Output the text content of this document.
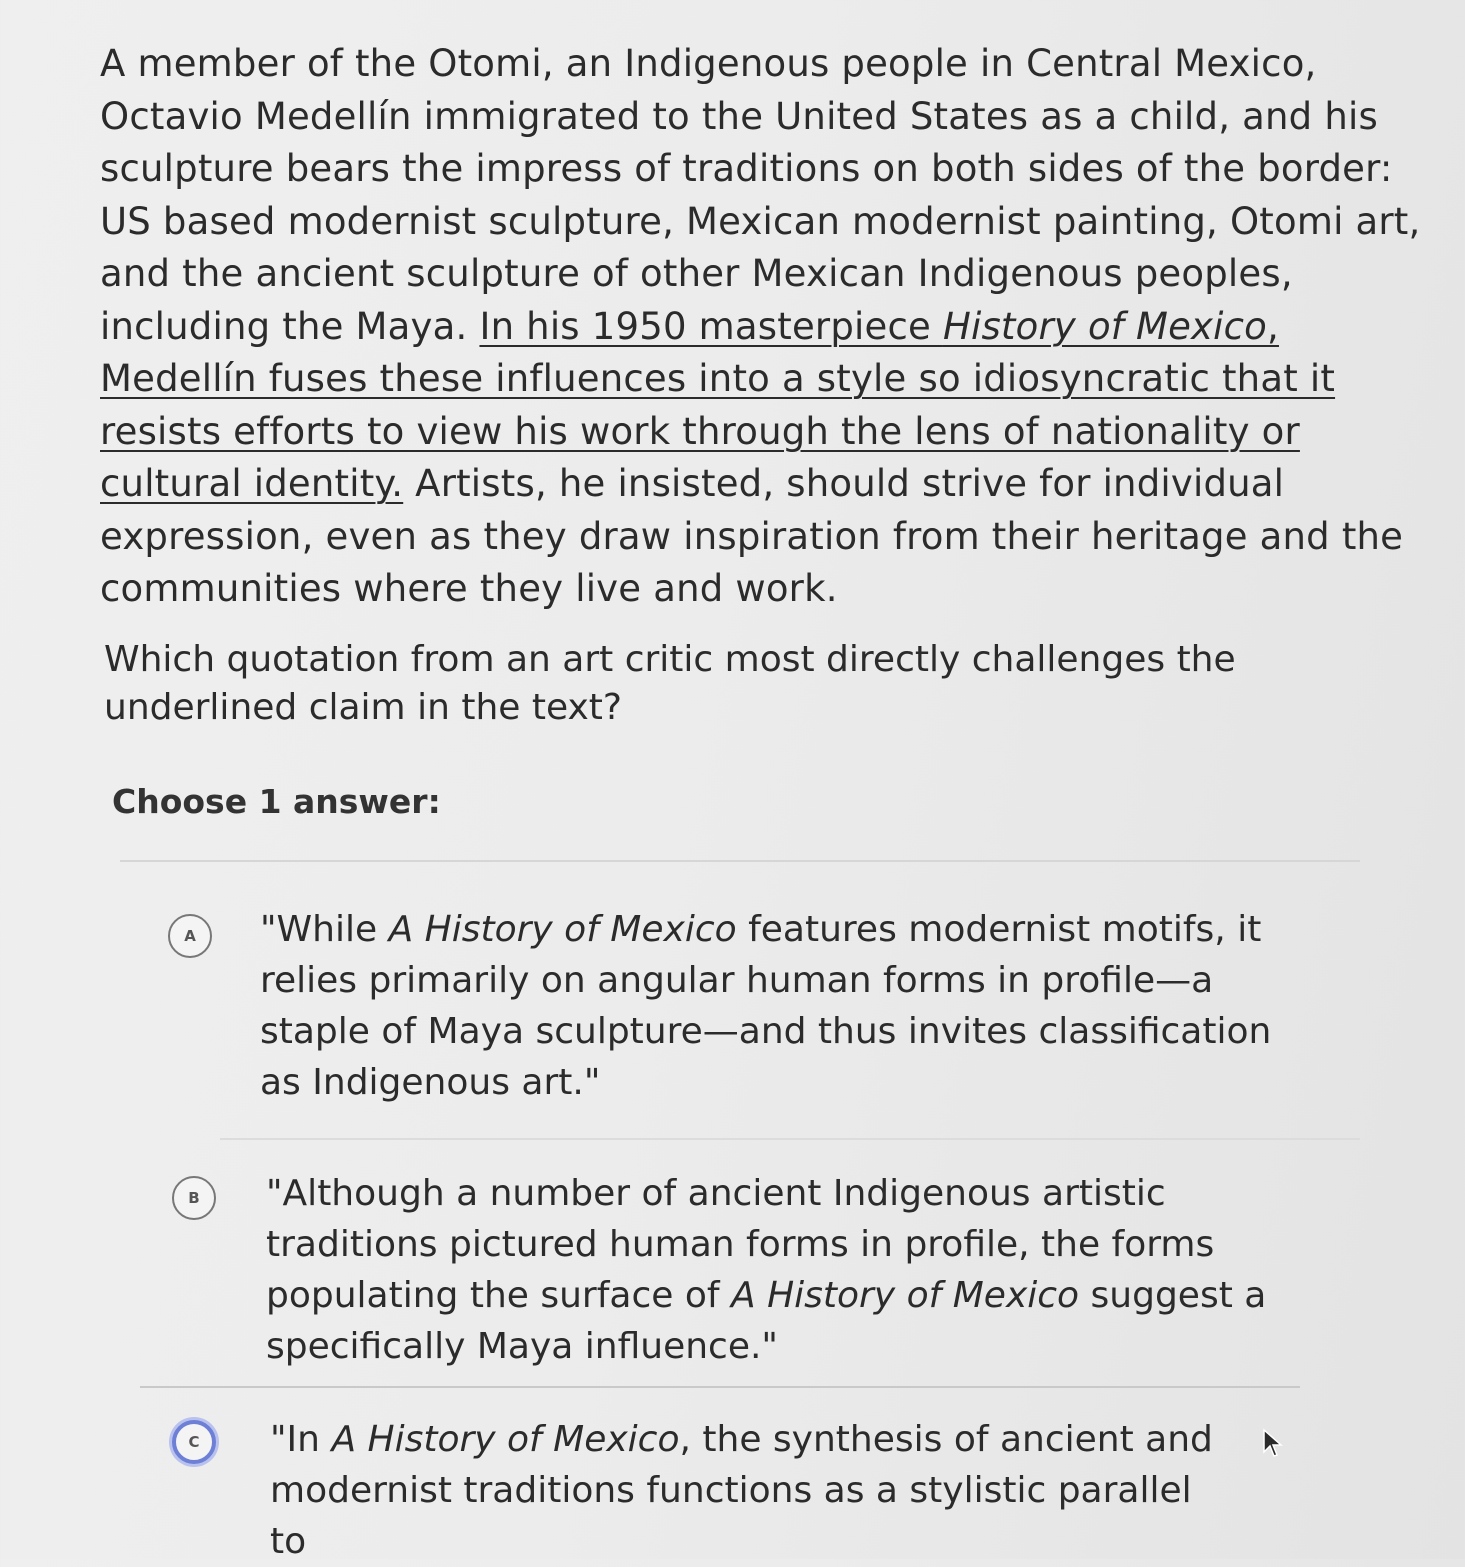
A member of the Otomi, an Indigenous people in Central Mexico, Octavio Medellín immigrated to the United States as a child, and his sculpture bears the impress of traditions on both sides of the border: US based modernist sculpture, Mexican modernist painting, Otomi art, and the ancient sculpture of other Mexican Indigenous peoples, including the Maya. In his 1950 masterpiece History of Mexico, Medellín fuses these influences into a style so idiosyncratic that it resists efforts to view his work through the lens of nationality or cultural identity. Artists, he insisted, should strive for individual expression, even as they draw inspiration from their heritage and the communities where they live and work.
Which quotation from an art critic most directly challenges the underlined claim in the text?
Choose 1 answer:
A	"While A History of Mexico features modernist motifs, it relies primarily on angular human forms in profile—a staple of Maya sculpture—and thus invites classification as Indigenous art."
B	"Although a number of ancient Indigenous artistic traditions pictured human forms in profile, the forms populating the surface of A History of Mexico suggest a specifically Maya influence."
C	"In A History of Mexico, the synthesis of ancient and modernist traditions functions as a stylistic parallel to
